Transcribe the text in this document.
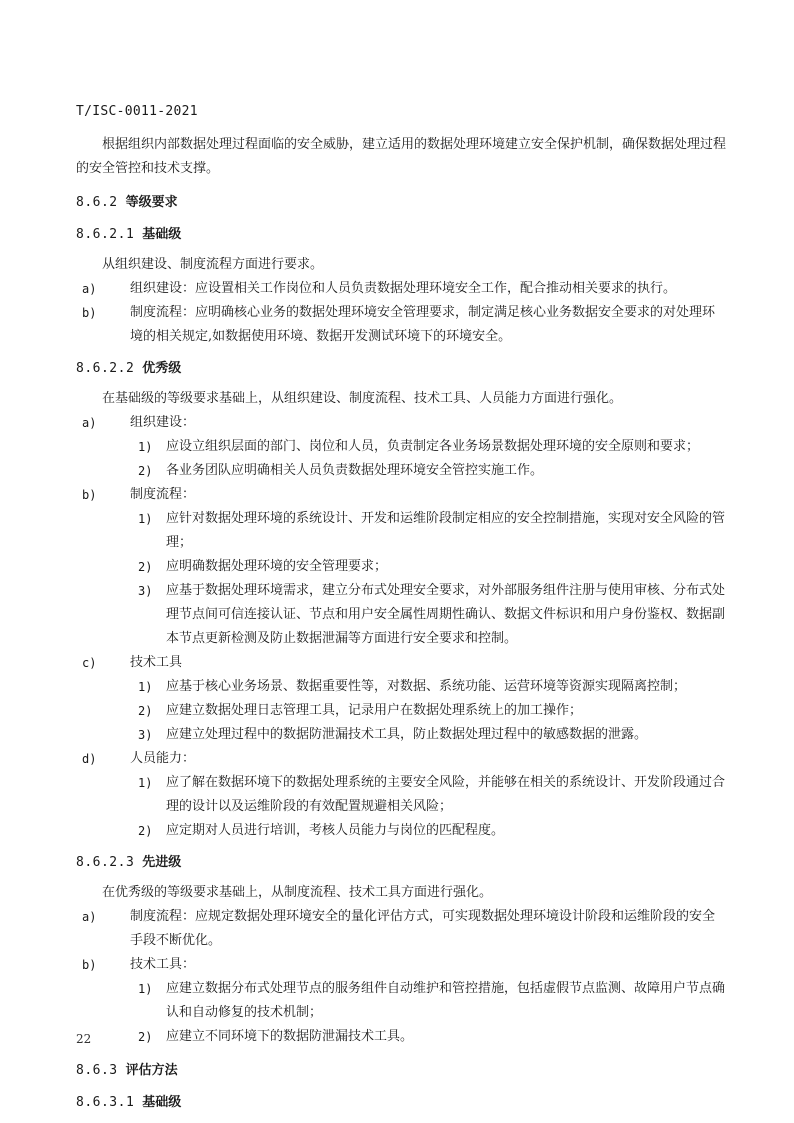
T/ISC-0011-2021

根据组织内部数据处理过程面临的安全威胁，建立适用的数据处理环境建立安全保护机制，确保数据处理过程的安全管控和技术支撑。

8.6.2 等级要求

8.6.2.1 基础级

从组织建设、制度流程方面进行要求。

a)	组织建设：应设置相关工作岗位和人员负责数据处理环境安全工作，配合推动相关要求的执行。
b)	制度流程：应明确核心业务的数据处理环境安全管理要求，制定满足核心业务数据安全要求的对处理环境的相关规定,如数据使用环境、数据开发测试环境下的环境安全。

8.6.2.2 优秀级

在基础级的等级要求基础上，从组织建设、制度流程、技术工具、人员能力方面进行强化。

a)	组织建设：
1)	应设立组织层面的部门、岗位和人员，负责制定各业务场景数据处理环境的安全原则和要求；
2)	各业务团队应明确相关人员负责数据处理环境安全管控实施工作。
b)	制度流程：
1)	应针对数据处理环境的系统设计、开发和运维阶段制定相应的安全控制措施，实现对安全风险的管理；
2)	应明确数据处理环境的安全管理要求；
3)	应基于数据处理环境需求，建立分布式处理安全要求，对外部服务组件注册与使用审核、分布式处理节点间可信连接认证、节点和用户安全属性周期性确认、数据文件标识和用户身份鉴权、数据副本节点更新检测及防止数据泄漏等方面进行安全要求和控制。
c)	技术工具
1)	应基于核心业务场景、数据重要性等，对数据、系统功能、运营环境等资源实现隔离控制；
2)	应建立数据处理日志管理工具，记录用户在数据处理系统上的加工操作；
3)	应建立处理过程中的数据防泄漏技术工具，防止数据处理过程中的敏感数据的泄露。
d)	人员能力：
1)	应了解在数据环境下的数据处理系统的主要安全风险，并能够在相关的系统设计、开发阶段通过合理的设计以及运维阶段的有效配置规避相关风险；
2)	应定期对人员进行培训，考核人员能力与岗位的匹配程度。

8.6.2.3 先进级

在优秀级的等级要求基础上，从制度流程、技术工具方面进行强化。

a)	制度流程：应规定数据处理环境安全的量化评估方式，可实现数据处理环境设计阶段和运维阶段的安全手段不断优化。
b)	技术工具：
1)	应建立数据分布式处理节点的服务组件自动维护和管控措施，包括虚假节点监测、故障用户节点确认和自动修复的技术机制；
2)	应建立不同环境下的数据防泄漏技术工具。

8.6.3 评估方法

8.6.3.1 基础级

22
